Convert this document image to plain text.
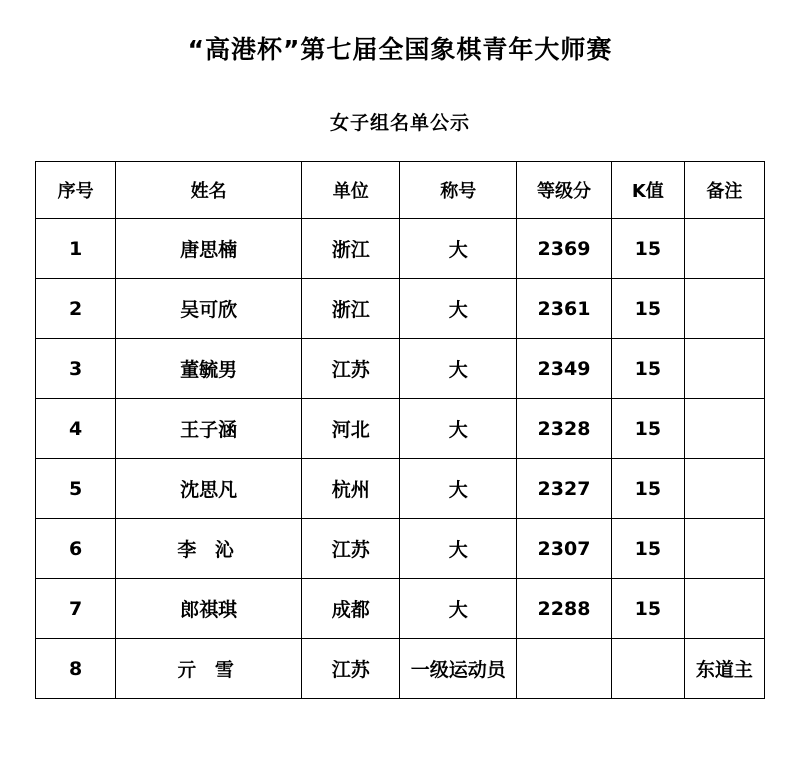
“高港杯”第七届全国象棋青年大师赛
女子组名单公示
序号	姓名	单位	称号	等级分	K值	备注
1	唐思楠	浙江	大	2369	15	
2	吴可欣	浙江	大	2361	15	
3	董毓男	江苏	大	2349	15	
4	王子涵	河北	大	2328	15	
5	沈思凡	杭州	大	2327	15	
6	李 沁	江苏	大	2307	15	
7	郎祺琪	成都	大	2288	15	
8	亓 雪	江苏	一级运动员			东道主
